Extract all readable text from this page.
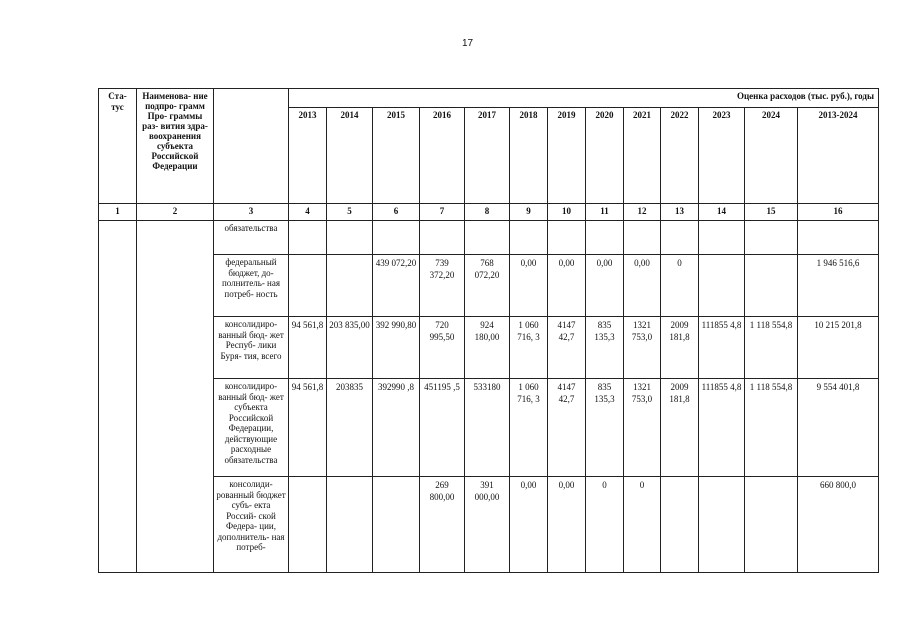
17
Ста- тус	Наименова- ние подпро- грамм Про- граммы раз- вития здра- воохранения субъекта Российской Федерации		Оценка расходов (тыс. руб.), годы												
			2013	2014	2015	2016	2017	2018	2019	2020	2021	2022	2023	2024	2013-2024
1	2	3	4	5	6	7	8	9	10	11	12	13	14	15	16
		обязательства													
		федеральный бюджет, до- полнитель- ная потреб- ность			439 072,20	739 372,20	768 072,20	0,00	0,00	0,00	0,00	0			1 946 516,6
		консолидиро- ванный бюд- жет Респуб- лики Буря- тия, всего	94 561,8	203 835,00	392 990,80	720 995,50	924 180,00	1 060 716, 3	4147 42,7	835 135,3	1321 753,0	2009 181,8	111855 4,8	1 118 554,8	10 215 201,8
		консолидиро- ванный бюд- жет субъекта Российской Федерации, действующие расходные обязательства	94 561,8	203835	392990 ,8	451195 ,5	533180	1 060 716, 3	4147 42,7	835 135,3	1321 753,0	2009 181,8	111855 4,8	1 118 554,8	9 554 401,8
		консолиди- рованный бюджет субъ- екта Россий- ской Федера- ции, дополнитель- ная потреб-				269 800,00	391 000,00	0,00	0,00	0	0				660 800,0
